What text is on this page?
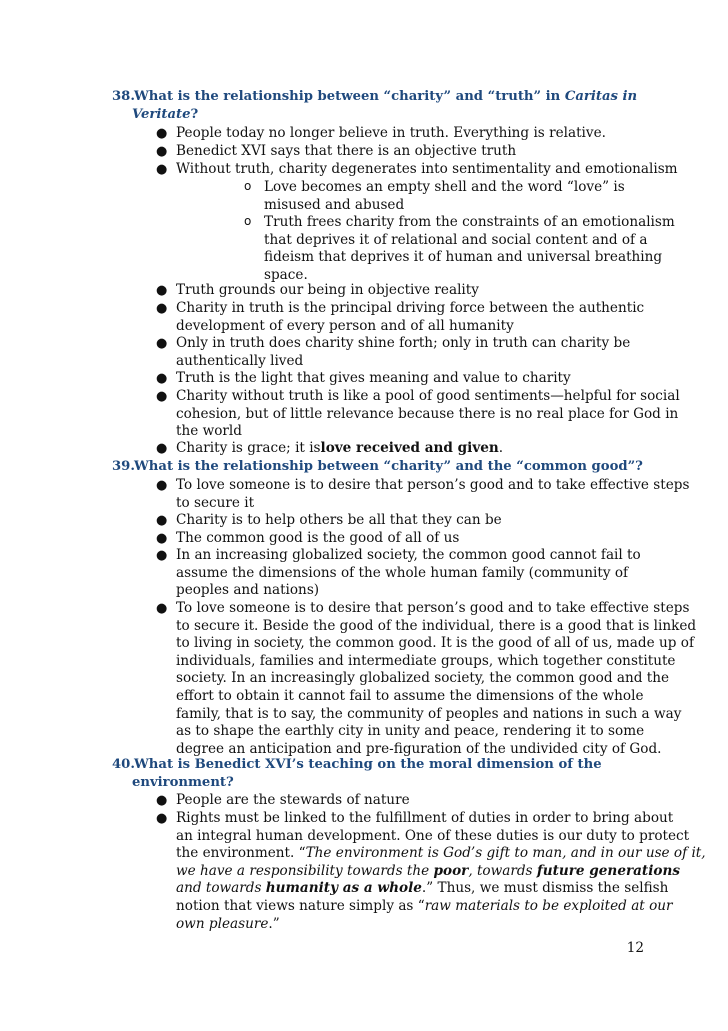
38.What is the relationship between “charity” and “truth” in Caritas in
Veritate?
● People today no longer believe in truth. Everything is relative.
● Benedict XVI says that there is an objective truth
● Without truth, charity degenerates into sentimentality and emotionalism
o Love becomes an empty shell and the word “love” is
misused and abused
o Truth frees charity from the constraints of an emotionalism
that deprives it of relational and social content and of a
fideism that deprives it of human and universal breathing
space.
● Truth grounds our being in objective reality
● Charity in truth is the principal driving force between the authentic
development of every person and of all humanity
● Only in truth does charity shine forth; only in truth can charity be
authentically lived
● Truth is the light that gives meaning and value to charity
● Charity without truth is like a pool of good sentiments—helpful for social
cohesion, but of little relevance because there is no real place for God in
the world
● Charity is grace; it islove received and given.
39.What is the relationship between “charity” and the “common good”?
● To love someone is to desire that person’s good and to take effective steps
to secure it
● Charity is to help others be all that they can be
● The common good is the good of all of us
● In an increasing globalized society, the common good cannot fail to
assume the dimensions of the whole human family (community of
peoples and nations)
● To love someone is to desire that person’s good and to take effective steps
to secure it. Beside the good of the individual, there is a good that is linked
to living in society, the common good. It is the good of all of us, made up of
individuals, families and intermediate groups, which together constitute
society. In an increasingly globalized society, the common good and the
effort to obtain it cannot fail to assume the dimensions of the whole
family, that is to say, the community of peoples and nations in such a way
as to shape the earthly city in unity and peace, rendering it to some
degree an anticipation and pre-figuration of the undivided city of God.
40.What is Benedict XVI’s teaching on the moral dimension of the
environment?
● People are the stewards of nature
● Rights must be linked to the fulfillment of duties in order to bring about
an integral human development. One of these duties is our duty to protect
the environment. “The environment is God’s gift to man, and in our use of it,
we have a responsibility towards the poor, towards future generations
and towards humanity as a whole.” Thus, we must dismiss the selfish
notion that views nature simply as “raw materials to be exploited at our
own pleasure.”
12
